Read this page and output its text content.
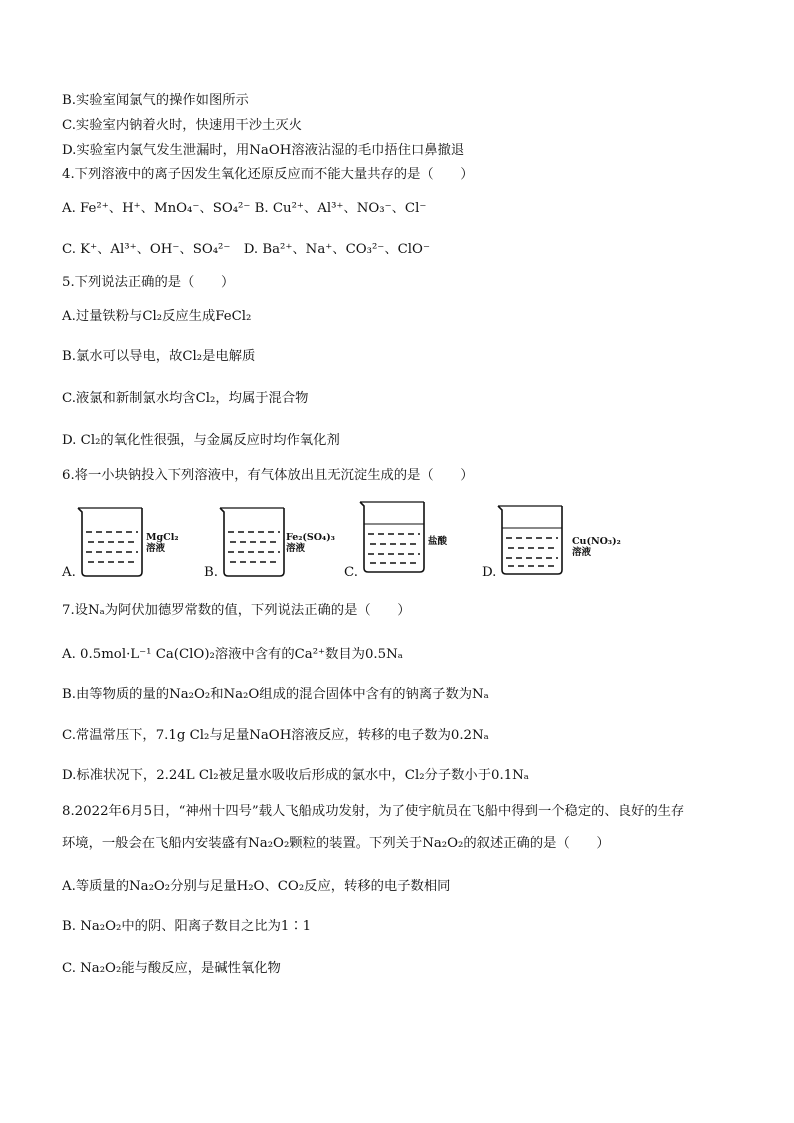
B.实验室闻氯气的操作如图所示
C.实验室内钠着火时，快速用干沙土灭火
D.实验室内氯气发生泄漏时，用NaOH溶液沾湿的毛巾捂住口鼻撤退
4.下列溶液中的离子因发生氧化还原反应而不能大量共存的是（　　）
A. Fe²⁺、H⁺、MnO₄⁻、SO₄²⁻ B. Cu²⁺、Al³⁺、NO₃⁻、Cl⁻
C. K⁺、Al³⁺、OH⁻、SO₄²⁻　D. Ba²⁺、Na⁺、CO₃²⁻、ClO⁻
5.下列说法正确的是（　　）
A.过量铁粉与Cl₂反应生成FeCl₂
B.氯水可以导电，故Cl₂是电解质
C.液氯和新制氯水均含Cl₂，均属于混合物
D. Cl₂的氧化性很强，与金属反应时均作氧化剂
6.将一小块钠投入下列溶液中，有气体放出且无沉淀生成的是（　　）
A.
MgCl₂
溶液
B.
Fe₂(SO₄)₃
溶液
C.
盐酸
D.
Cu(NO₃)₂
溶液
7.设Nₐ为阿伏加德罗常数的值，下列说法正确的是（　　）
A. 0.5mol·L⁻¹ Ca(ClO)₂溶液中含有的Ca²⁺数目为0.5Nₐ
B.由等物质的量的Na₂O₂和Na₂O组成的混合固体中含有的钠离子数为Nₐ
C.常温常压下，7.1g Cl₂与足量NaOH溶液反应，转移的电子数为0.2Nₐ
D.标准状况下，2.24L Cl₂被足量水吸收后形成的氯水中，Cl₂分子数小于0.1Nₐ
8.2022年6月5日，“神州十四号”载人飞船成功发射，为了使宇航员在飞船中得到一个稳定的、良好的生存
环境，一般会在飞船内安装盛有Na₂O₂颗粒的装置。下列关于Na₂O₂的叙述正确的是（　　）
A.等质量的Na₂O₂分别与足量H₂O、CO₂反应，转移的电子数相同
B. Na₂O₂中的阴、阳离子数目之比为1∶1
C. Na₂O₂能与酸反应，是碱性氧化物
